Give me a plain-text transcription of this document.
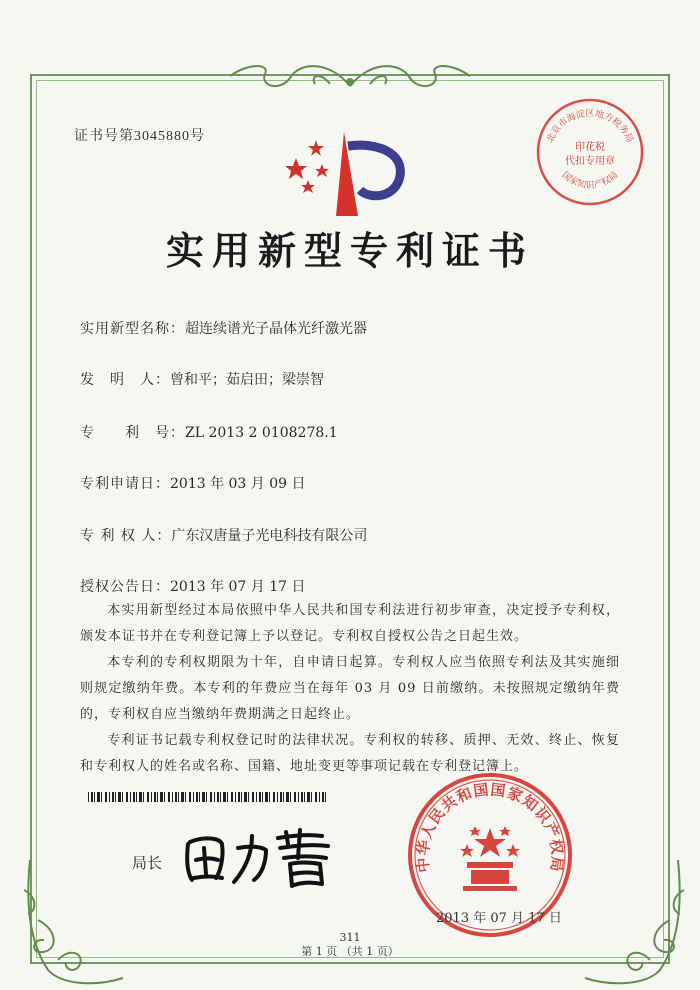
证书号第3045880号
实用新型专利证书
实用新型名称：超连续谱光子晶体光纤激光器
发　明　人：曾和平；茹启田；梁崇智
专　　利　号：ZL 2013 2 0108278.1
专利申请日：2013 年 03 月 09 日
专 利 权 人：广东汉唐量子光电科技有限公司
授权公告日：2013 年 07 月 17 日

本实用新型经过本局依照中华人民共和国专利法进行初步审查，决定授予专利权，颁发本证书并在专利登记簿上予以登记。专利权自授权公告之日起生效。

本专利的专利权期限为十年，自申请日起算。专利权人应当依照专利法及其实施细则规定缴纳年费。本专利的年费应当在每年 03 月 09 日前缴纳。未按照规定缴纳年费的，专利权自应当缴纳年费期满之日起终止。

专利证书记载专利权登记时的法律状况。专利权的转移、质押、无效、终止、恢复和专利权人的姓名或名称、国籍、地址变更等事项记载在专利登记簿上。

局长	中华人民共和国国家知识产权局
2013 年 07 月 17 日
北京市海淀区地方税务局
国家知识产权局
印花税
代扣专用章
311
第 1 页 （共 1 页）
